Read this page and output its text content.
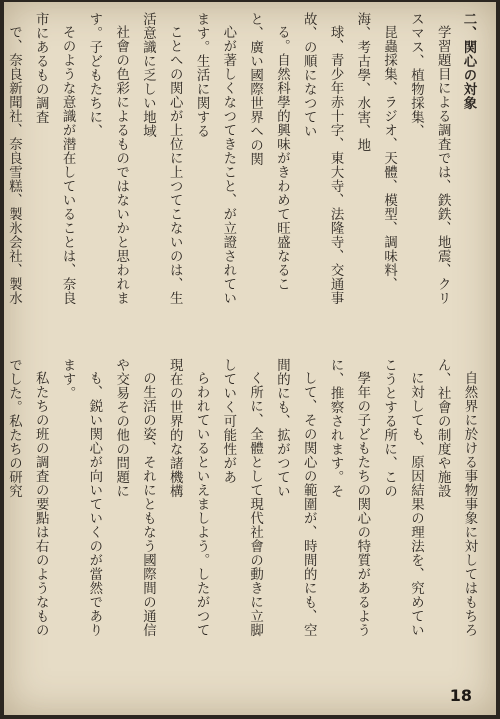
二、関心の対象

学習題目による調査では、鉄鉄、地震、クリスマス、植物採集、

昆蟲採集、ラジオ、天體、模型、調味料、海、考古學、水害、地

球、青少年赤十字、東大寺、法隆寺、交通事故、の順になつてい

る。自然科學的興味がきわめて旺盛なること、廣い國際世界への関

心が著しくなつてきたこと、が立證されています。生活に関する

ことへの関心が上位に上つてこないのは、生活意識に乏しい地域

社會の色彩によるものではないかと思われます。子どもたちに、

そのような意識が潜在していることは、奈良市にあるもの調査

で、奈良新聞社、奈良雪糕、製氷会社、製水

自然界に於ける事物事象に対してはもちろん、社會の制度や施設

に対しても、原因結果の理法を、究めていこうとする所に、この

學年の子どもたちの関心の特質があるように、推察されます。そ

して、その関心の範圍が、時間的にも、空間的にも、拡がつてい

く所に、全體として現代社會の動きに立脚していく可能性があ

らわれているといえましよう。したがつて現在の世界的な諸機構

の生活の姿、それにともなう國際間の通信や交易その他の問題に

も、鋭い関心が向いていくのが當然であります。

私たちの班の調査の要點は右のようなものでした。私たちの研究

18
